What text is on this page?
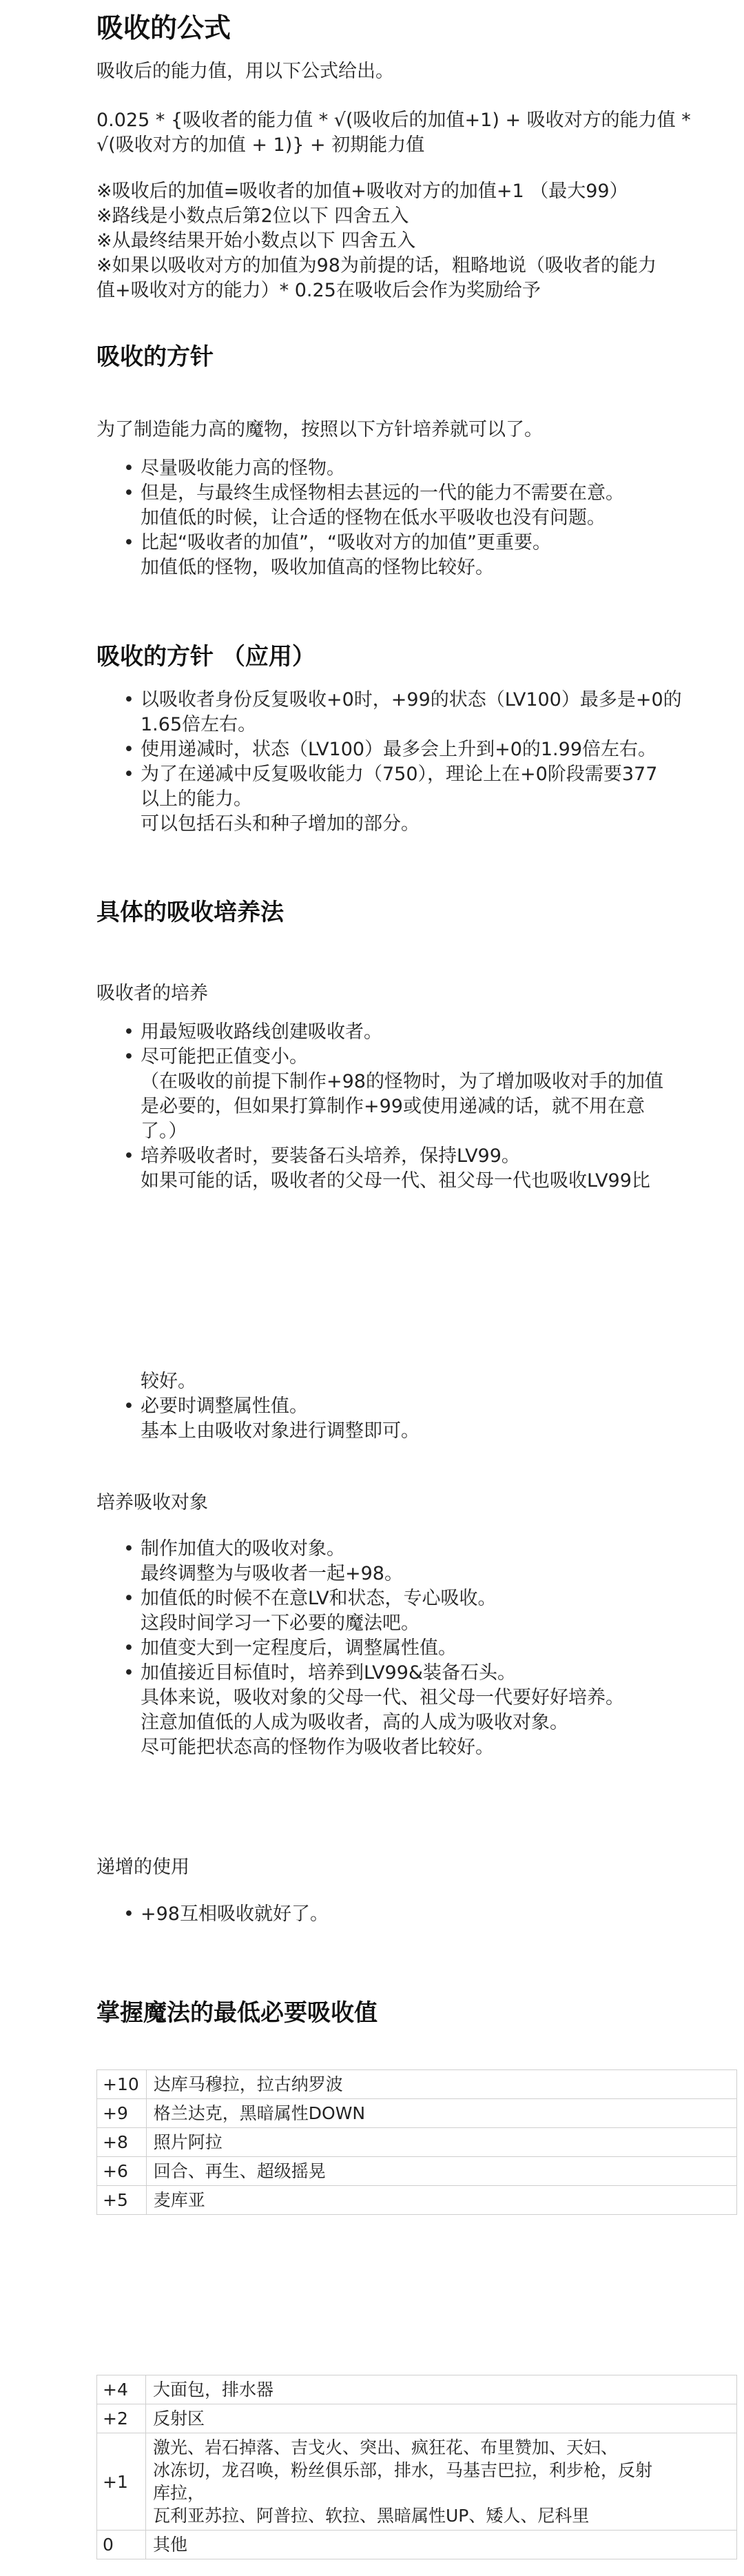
吸收的公式

吸收后的能力值，用以下公式给出。

0.025 * {吸收者的能力值 * √(吸收后的加值+1) + 吸收对方的能力值 *
√(吸收对方的加值 + 1)} + 初期能力值
※吸收后的加值=吸收者的加值+吸收对方的加值+1 （最大99）
※路线是小数点后第2位以下 四舍五入
※从最终结果开始小数点以下 四舍五入
※如果以吸收对方的加值为98为前提的话，粗略地说（吸收者的能力
值+吸收对方的能力）* 0.25在吸收后会作为奖励给予
吸收的方针

为了制造能力高的魔物，按照以下方针培养就可以了。

• 尽量吸收能力高的怪物。
• 但是，与最终生成怪物相去甚远的一代的能力不需要在意。
加值低的时候，让合适的怪物在低水平吸收也没有问题。
• 比起“吸收者的加值”，“吸收对方的加值”更重要。
加值低的怪物，吸收加值高的怪物比较好。
吸收的方针 （应用）
• 以吸收者身份反复吸收+0时，+99的状态（LV100）最多是+0的
1.65倍左右。
• 使用递减时，状态（LV100）最多会上升到+0的1.99倍左右。
• 为了在递减中反复吸收能力（750），理论上在+0阶段需要377
以上的能力。
可以包括石头和种子增加的部分。
具体的吸收培养法

吸收者的培养

• 用最短吸收路线创建吸收者。
• 尽可能把正值变小。
（在吸收的前提下制作+98的怪物时，为了增加吸收对手的加值
是必要的，但如果打算制作+99或使用递减的话，就不用在意
了。）
• 培养吸收者时，要装备石头培养，保持LV99。
如果可能的话，吸收者的父母一代、祖父母一代也吸收LV99比
较好。
• 必要时调整属性值。
基本上由吸收对象进行调整即可。

培养吸收对象

• 制作加值大的吸收对象。
最终调整为与吸收者一起+98。
• 加值低的时候不在意LV和状态，专心吸收。
这段时间学习一下必要的魔法吧。
• 加值变大到一定程度后，调整属性值。
• 加值接近目标值时，培养到LV99&装备石头。
具体来说，吸收对象的父母一代、祖父母一代要好好培养。
注意加值低的人成为吸收者，高的人成为吸收对象。
尽可能把状态高的怪物作为吸收者比较好。

递增的使用

• +98互相吸收就好了。
掌握魔法的最低必要吸收值
+10	达库马穆拉，拉古纳罗波

+9	格兰达克，黑暗属性DOWN

+8	照片阿拉

+6	回合、再生、超级摇晃

+5	麦库亚
+4	大面包，排水器

+2	反射区

+1	激光、岩石掉落、吉戈火、突出、疯狂花、布里赞加、天妇、
冰冻切，龙召唤，粉丝俱乐部，排水，马基吉巴拉，利步枪，反射
库拉，
瓦利亚苏拉、阿普拉、软拉、黑暗属性UP、矮人、尼科里

0	其他
